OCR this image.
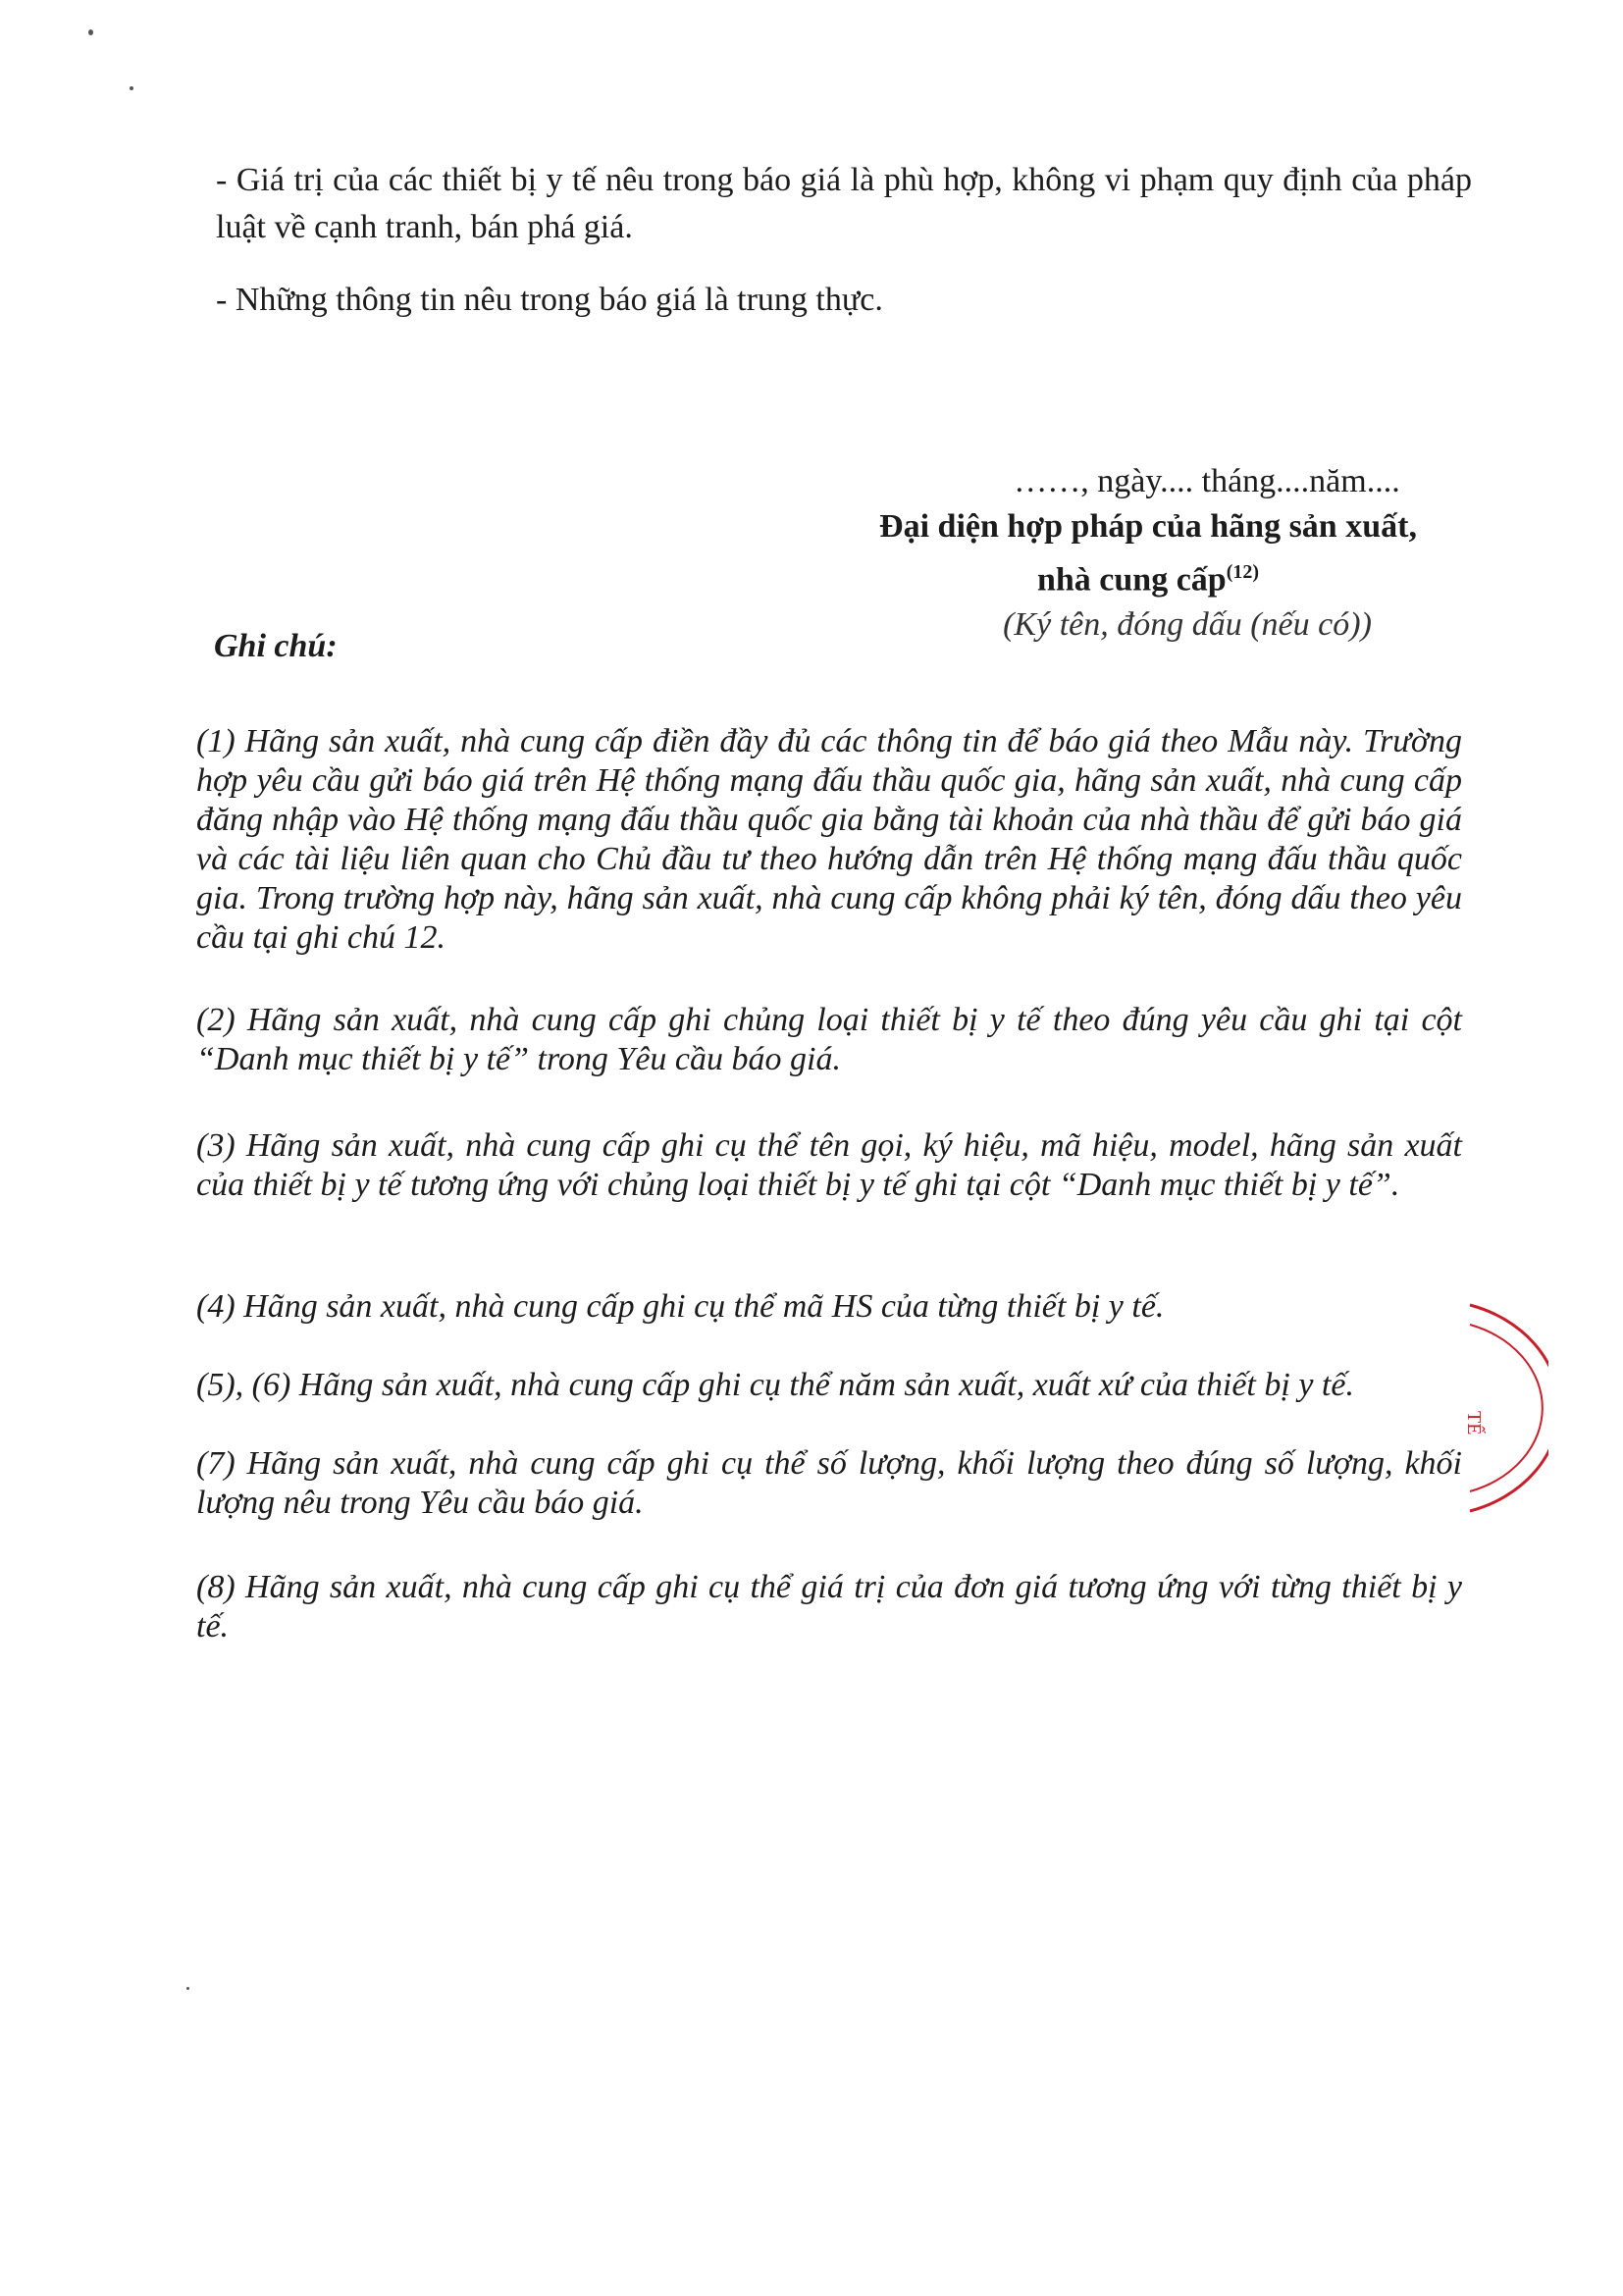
- Giá trị của các thiết bị y tế nêu trong báo giá là phù hợp, không vi phạm quy định của pháp luật về cạnh tranh, bán phá giá.
- Những thông tin nêu trong báo giá là trung thực.

……, ngày.... tháng....năm....

Đại diện hợp pháp của hãng sản xuất,
nhà cung cấp$^{(12)}$

(Ký tên, đóng dấu (nếu có))

Ghi chú:
(1) Hãng sản xuất, nhà cung cấp điền đầy đủ các thông tin để báo giá theo Mẫu này. Trường hợp yêu cầu gửi báo giá trên Hệ thống mạng đấu thầu quốc gia, hãng sản xuất, nhà cung cấp đăng nhập vào Hệ thống mạng đấu thầu quốc gia bằng tài khoản của nhà thầu để gửi báo giá và các tài liệu liên quan cho Chủ đầu tư theo hướng dẫn trên Hệ thống mạng đấu thầu quốc gia. Trong trường hợp này, hãng sản xuất, nhà cung cấp không phải ký tên, đóng dấu theo yêu cầu tại ghi chú 12.
(2) Hãng sản xuất, nhà cung cấp ghi chủng loại thiết bị y tế theo đúng yêu cầu ghi tại cột “Danh mục thiết bị y tế” trong Yêu cầu báo giá.
(3) Hãng sản xuất, nhà cung cấp ghi cụ thể tên gọi, ký hiệu, mã hiệu, model, hãng sản xuất của thiết bị y tế tương ứng với chủng loại thiết bị y tế ghi tại cột “Danh mục thiết bị y tế”.
(4) Hãng sản xuất, nhà cung cấp ghi cụ thể mã HS của từng thiết bị y tế.
(5), (6) Hãng sản xuất, nhà cung cấp ghi cụ thể năm sản xuất, xuất xứ của thiết bị y tế.
(7) Hãng sản xuất, nhà cung cấp ghi cụ thể số lượng, khối lượng theo đúng số lượng, khối lượng nêu trong Yêu cầu báo giá.
(8) Hãng sản xuất, nhà cung cấp ghi cụ thể giá trị của đơn giá tương ứng với từng thiết bị y tế.
TẾ
